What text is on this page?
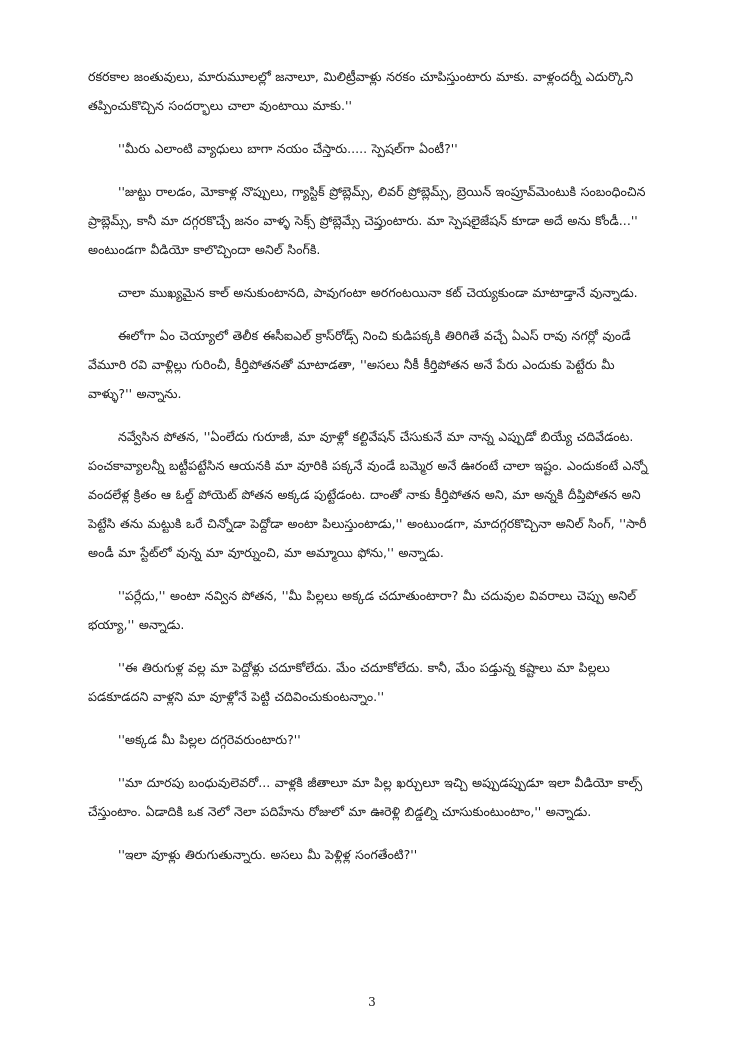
రకరకాల జంతువులు, మారుమూలల్లో జనాలూ, మిలిట్రీవాళ్లు నరకం చూపిస్తుంటారు మాకు. వాళ్లందర్నీ ఎదుర్కొని తప్పించుకొచ్చిన సందర్భాలు చాలా వుంటాయి మాకు.''

''మీరు ఎలాంటి వ్యాధులు బాగా నయం చేస్తారు..... స్పెషల్‌గా ఏంటీ?''

''జుట్టు రాలడం, మోకాళ్ల నొప్పులు, గ్యాస్టిక్ ప్రోబ్లెమ్స్, లివర్ ప్రోబ్లెమ్స్, బ్రెయిన్ ఇంప్రూవ్‌మెంటుకి సంబంధించిన ప్రాబ్లెమ్స్, కానీ మా దగ్గరకొచ్చే జనం వాళ్ళ సెక్స్ ప్రోబ్లెమ్సే చెప్తుంటారు. మా స్పెషలైజేషన్ కూడా అదే అను కోండీ...'' అంటుండగా వీడియో కాలొచ్చిందా అనిల్ సింగ్‌కి.

చాలా ముఖ్యమైన కాల్ అనుకుంటానది, పావుగంటా అరగంటయినా కట్ చెయ్యకుండా మాటాడ్తానే వున్నాడు.

ఈలోగా ఏం చెయ్యాలో తెలీక ఈసీఐఎల్ క్రాస్‌రోడ్స్ నించి కుడిపక్కకి తిరిగితే వచ్చే ఏఎస్ రావు నగర్లో వుండే వేమూరి రవి వాళ్లిల్లు గురించీ, కీర్తిపోతనతో మాటాడతా, ''అసలు నీకీ కీర్తిపోతన అనే పేరు ఎందుకు పెట్టేరు మీ వాళ్ళు?'' అన్నాను.

నవ్వేసిన పోతన, ''ఏంలేదు గురూజీ, మా వూళ్లో కల్టివేషన్ చేసుకునే మా నాన్న ఎప్పుడో బియ్యే చదివేడంట. పంచకావ్యాలన్నీ బట్టీపట్టేసిన ఆయనకి మా వూరికి పక్కనే వుండే బమ్మెర అనే ఊరంటే చాలా ఇష్టం. ఎందుకంటే ఎన్నో వందలేళ్ల క్రితం ఆ ఓల్డ్ పోయెట్ పోతన అక్కడ పుట్టేడంట. దాంతో నాకు కీర్తిపోతన అని, మా అన్నకి దీప్తిపోతన అని పెట్టేసి తను మట్టుకి ఒరే చిన్నోడా పెద్దోడా అంటా పిలుస్తుంటాడు,'' అంటుండగా, మాదగ్గరకొచ్చినా అనిల్ సింగ్, ''సారీ అండీ మా స్టేట్‌లో వున్న మా వూర్నుంచి, మా అమ్మాయి ఫోను,'' అన్నాడు.

''పర్లేదు,'' అంటా నవ్విన పోతన, ''మీ పిల్లలు అక్కడ చదూతుంటారా? మీ చదువుల వివరాలు చెప్పు అనిల్ భయ్యా,'' అన్నాడు.

''ఈ తిరుగుళ్ల వల్ల మా పెద్దోళ్లు చదూకోలేదు. మేం చదూకోలేదు. కానీ, మేం పడ్తున్న కష్టాలు మా పిల్లలు పడకూడదని వాళ్లని మా వూళ్లోనే పెట్టి చదివించుకుంటన్నాం.''

''అక్కడ మీ పిల్లల దగ్గరెవరుంటారు?''

''మా దూరపు బంధువులెవరో... వాళ్లకి జీతాలూ మా పిల్ల ఖర్చులూ ఇచ్చి అప్పుడప్పుడూ ఇలా వీడియో కాల్స్ చేస్తుంటాం. ఏడాదికి ఒక నెలో నెలా పదిహేను రోజులో మా ఊరెళ్లి బిడ్డల్ని చూసుకుంటుంటాం,'' అన్నాడు.

''ఇలా వూళ్లు తిరుగుతున్నారు. అసలు మీ పెళ్లిళ్ల సంగతేంటి?''

3
